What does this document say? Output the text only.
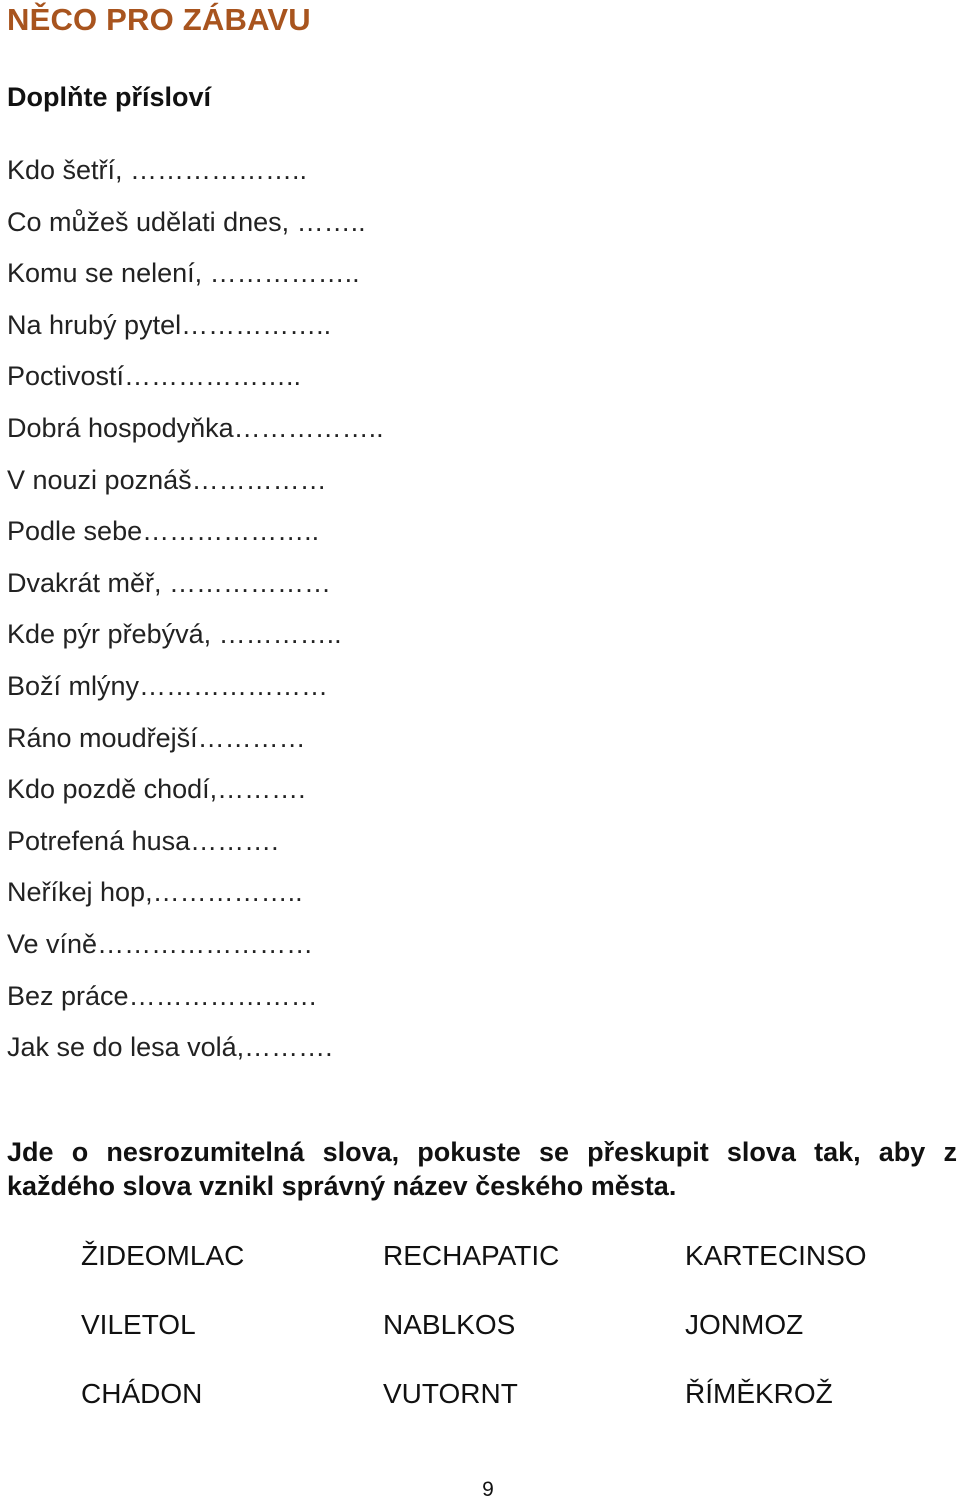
NĚCO PRO ZÁBAVU
Doplňte přísloví
Kdo šetří, ………………..
Co můžeš udělati dnes, ……..
Komu se nelení, ……………..
Na hrubý pytel……………..
Poctivostí………………..
Dobrá hospodyňka……………..
V nouzi poznáš……………
Podle sebe………………..
Dvakrát měř, ………………
Kde pýr přebývá, …………..
Boží mlýny…………………
Ráno moudřejší…………
Kdo pozdě chodí,……….
Potrefená husa……….
Neříkej hop,……………..
Ve víně……………………
Bez práce…………………
Jak se do lesa volá,……….

Jde o nesrozumitelná slova, pokuste se přeskupit slova tak, aby z každého slova vznikl správný název českého města.

ŽIDEOMLAC	RECHAPATIC	KARTECINSO
VILETOL	NABLKOS	JONMOZ
CHÁDON	VUTORNT	ŘÍMĚKROŽ
9
